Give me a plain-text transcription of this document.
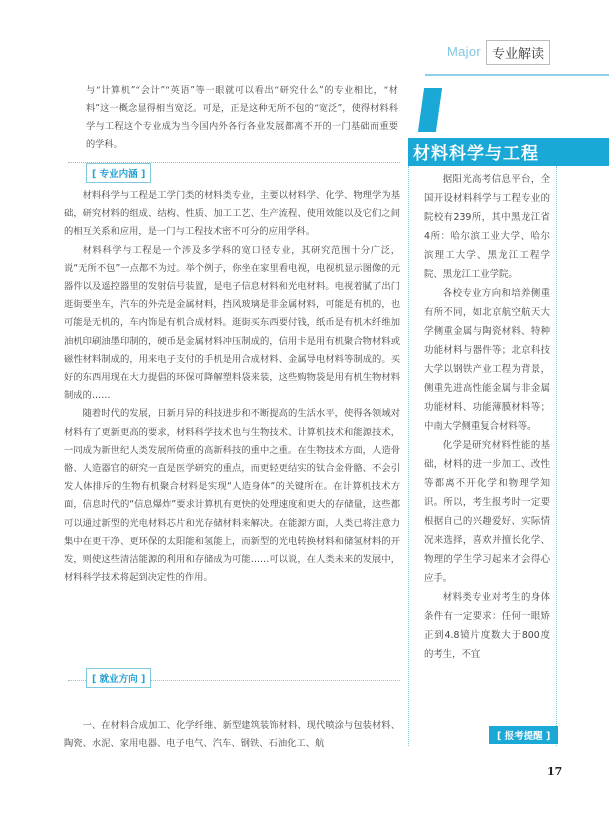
Major 专业解读
与“计算机”“会计”“英语”等一眼就可以看出“研究什么”的专业相比，“材料”这一概念显得相当宽泛。可是，正是这种无所不包的“宽泛”，使得材料科学与工程这个专业成为当今国内外各行各业发展都离不开的一门基础而重要的学科。	材料科学与工程
[ 专业内涵 ]

材料科学与工程是工学门类的材料类专业，主要以材料学、化学、物理学为基础，研究材料的组成、结构、性质、加工工艺、生产流程、使用效能以及它们之间的相互关系和应用，是一门与工程技术密不可分的应用学科。

材料科学与工程是一个涉及多学科的宽口径专业，其研究范围十分广泛，说“无所不包”一点都不为过。举个例子，你坐在家里看电视，电视机显示图像的元器件以及遥控器里的发射信号装置，是电子信息材料和光电材料。电视着腻了出门逛街要坐车，汽车的外壳是金属材料，挡风玻璃是非金属材料，可能是有机的，也可能是无机的，车内饰是有机合成材料。逛街买东西要付钱，纸币是有机木纤维加油机印刷油墨印制的，硬币是金属材料冲压制成的，信用卡是用有机聚合物材料或磁性材料制成的，用来电子支付的手机是用合成材料、金属导电材料等制成的。买好的东西用现在大力提倡的环保可降解塑料袋来装，这些购物袋是用有机生物材料制成的……

随着时代的发展，日新月异的科技进步和不断提高的生活水平，使得各领域对材料有了更新更高的要求，材料科学技术也与生物技术、计算机技术和能源技术，一同成为新世纪人类发展所倚重的高新科技的重中之重。在生物技术方面，人造骨骼、人造器官的研究一直是医学研究的重点，而更轻更结实的钛合金骨骼、不会引发人体排斥的生物有机聚合材料是实现“人造身体”的关键所在。在计算机技术方面，信息时代的“信息爆炸”要求计算机有更快的处理速度和更大的存储量，这些都可以通过新型的光电材料芯片和光存储材料来解决。在能源方面，人类已将注意力集中在更干净、更环保的太阳能和氢能上，而新型的光电转换材料和储氢材料的开发，则使这些清洁能源的利用和存储成为可能……可以说，在人类未来的发展中，材料科学技术将起到决定性的作用。

[ 就业方向 ]
一、在材料合成加工、化学纤维、新型建筑装饰材料、现代喷涂与包装材料、陶瓷、水泥、家用电器、电子电气、汽车、钢铁、石油化工、航

据阳光高考信息平台，全国开设材料科学与工程专业的院校有239所，其中黑龙江省4所：哈尔滨工业大学、哈尔滨理工大学、黑龙江工程学院、黑龙江工业学院。

各校专业方向和培养侧重有所不同，如北京航空航天大学侧重金属与陶瓷材料、特种功能材料与器件等；北京科技大学以钢铁产业工程为背景，侧重先进高性能金属与非金属功能材料、功能薄膜材料等；中南大学侧重复合材料等。

化学是研究材料性能的基础，材料的进一步加工、改性等都离不开化学和物理学知识。所以，考生报考时一定要根据自己的兴趣爱好、实际情况来选择，喜欢并擅长化学、物理的学生学习起来才会得心应手。

材料类专业对考生的身体条件有一定要求：任何一眼矫正到4.8镜片度数大于800度的考生，不宜

[ 报考提醒 ]
17
